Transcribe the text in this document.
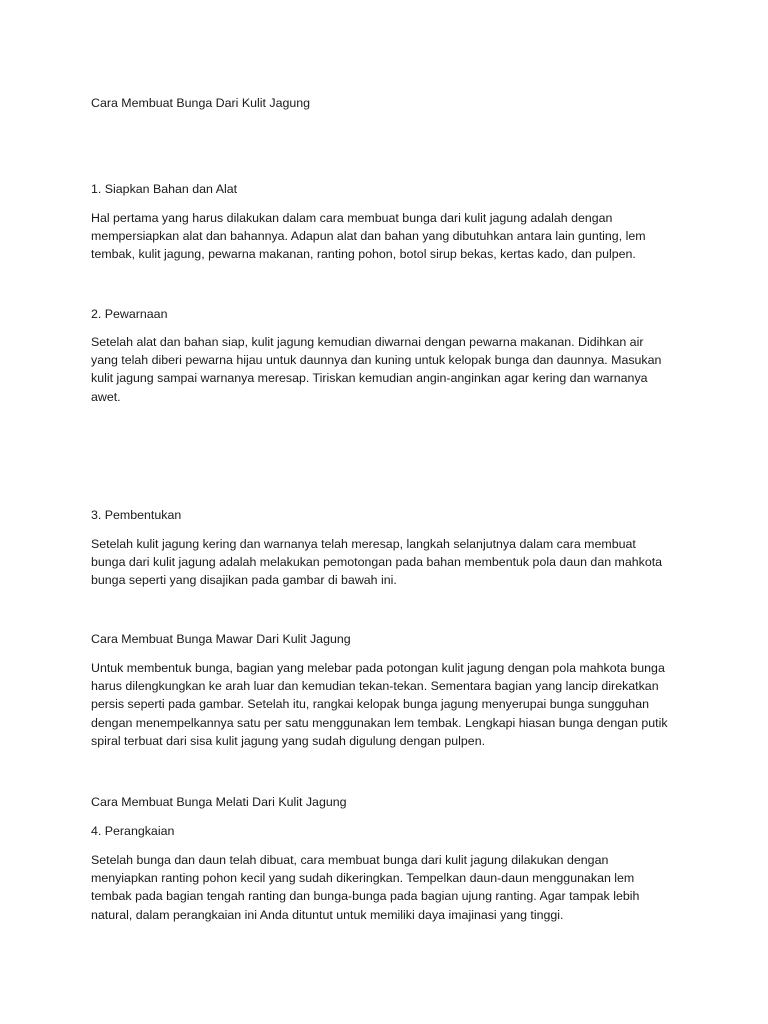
Cara Membuat Bunga Dari Kulit Jagung

1. Siapkan Bahan dan Alat

Hal pertama yang harus dilakukan dalam cara membuat bunga dari kulit jagung adalah dengan
mempersiapkan alat dan bahannya. Adapun alat dan bahan yang dibutuhkan antara lain gunting, lem
tembak, kulit jagung, pewarna makanan, ranting pohon, botol sirup bekas, kertas kado, dan pulpen.

2. Pewarnaan

Setelah alat dan bahan siap, kulit jagung kemudian diwarnai dengan pewarna makanan. Didihkan air
yang telah diberi pewarna hijau untuk daunnya dan kuning untuk kelopak bunga dan daunnya. Masukan
kulit jagung sampai warnanya meresap. Tiriskan kemudian angin-anginkan agar kering dan warnanya
awet.

3. Pembentukan

Setelah kulit jagung kering dan warnanya telah meresap, langkah selanjutnya dalam cara membuat
bunga dari kulit jagung adalah melakukan pemotongan pada bahan membentuk pola daun dan mahkota
bunga seperti yang disajikan pada gambar di bawah ini.

Cara Membuat Bunga Mawar Dari Kulit Jagung

Untuk membentuk bunga, bagian yang melebar pada potongan kulit jagung dengan pola mahkota bunga
harus dilengkungkan ke arah luar dan kemudian tekan-tekan. Sementara bagian yang lancip direkatkan
persis seperti pada gambar. Setelah itu, rangkai kelopak bunga jagung menyerupai bunga sungguhan
dengan menempelkannya satu per satu menggunakan lem tembak. Lengkapi hiasan bunga dengan putik
spiral terbuat dari sisa kulit jagung yang sudah digulung dengan pulpen.

Cara Membuat Bunga Melati Dari Kulit Jagung

4. Perangkaian

Setelah bunga dan daun telah dibuat, cara membuat bunga dari kulit jagung dilakukan dengan
menyiapkan ranting pohon kecil yang sudah dikeringkan. Tempelkan daun-daun menggunakan lem
tembak pada bagian tengah ranting dan bunga-bunga pada bagian ujung ranting. Agar tampak lebih
natural, dalam perangkaian ini Anda dituntut untuk memiliki daya imajinasi yang tinggi.
